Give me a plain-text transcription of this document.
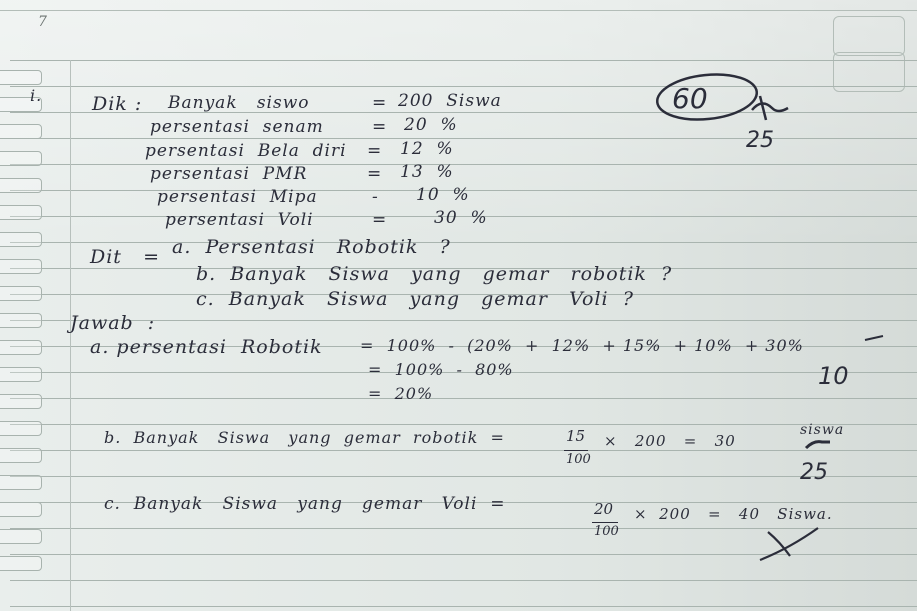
7
i.	Dik : Banyak   siswo	= 200  Siswa
persentasi  senam	= 20  %
persentasi  Bela  diri = 12  %
persentasi  PMR	= 13  %
persentasi  Mipa	- 10  %
persentasi  Voli	=	30  %
60
25
Dit   = a.  Persentasi   Robotik   ?
b.  Banyak   Siswa   yang   gemar   robotik  ?
c.  Banyak   Siswa   yang   gemar   Voli  ?
Jawab  :
a. persentasi  Robotik =  100%  -  (20%  +  12%  + 15%  + 10%  + 30%
=  100%  -  80%
=  20%
10
b.  Banyak   Siswa   yang  gemar  robotik  =	15
100
×   200   =   30
siswa
25
c.  Banyak   Siswa   yang   gemar   Voli  =	20
100
×  200   =   40   Siswa.
